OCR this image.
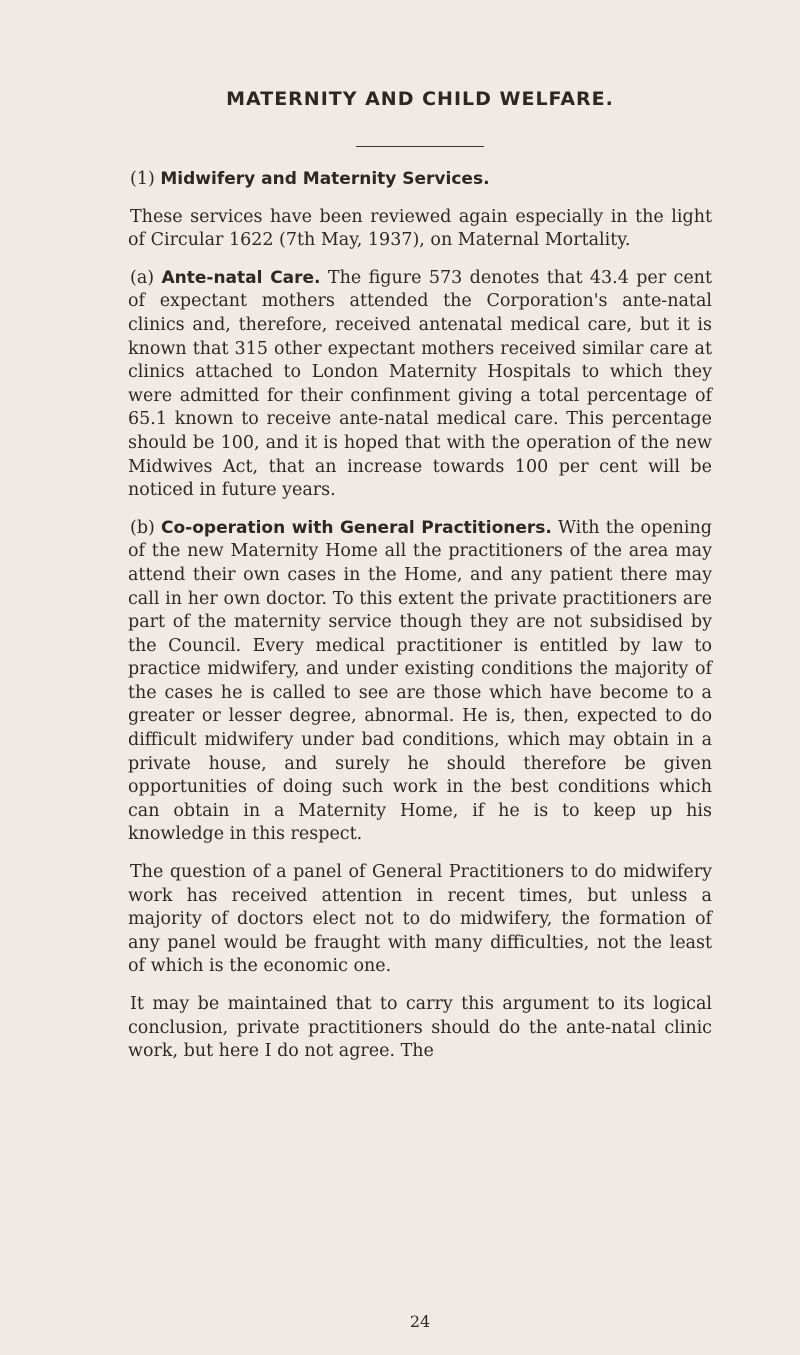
MATERNITY AND CHILD WELFARE.

(1) Midwifery and Maternity Services.

These services have been reviewed again especially in the light of Circular 1622 (7th May, 1937), on Maternal Mortality.

(a) Ante-natal Care. The figure 573 denotes that 43.4 per cent of expectant mothers attended the Corporation's ante-natal clinics and, therefore, received antenatal medical care, but it is known that 315 other expectant mothers received similar care at clinics attached to London Maternity Hospitals to which they were admitted for their confinment giving a total percentage of 65.1 known to receive ante-natal medical care. This percentage should be 100, and it is hoped that with the operation of the new Midwives Act, that an increase towards 100 per cent will be noticed in future years.

(b) Co-operation with General Practitioners. With the opening of the new Maternity Home all the practitioners of the area may attend their own cases in the Home, and any patient there may call in her own doctor. To this extent the private practitioners are part of the maternity service though they are not subsidised by the Council. Every medical practitioner is entitled by law to practice midwifery, and under existing conditions the majority of the cases he is called to see are those which have become to a greater or lesser degree, abnormal. He is, then, expected to do difficult midwifery under bad conditions, which may obtain in a private house, and surely he should therefore be given opportunities of doing such work in the best conditions which can obtain in a Maternity Home, if he is to keep up his knowledge in this respect.

The question of a panel of General Practitioners to do midwifery work has received attention in recent times, but unless a majority of doctors elect not to do midwifery, the formation of any panel would be fraught with many difficulties, not the least of which is the economic one.

It may be maintained that to carry this argument to its logical conclusion, private practitioners should do the ante-natal clinic work, but here I do not agree. The

24
